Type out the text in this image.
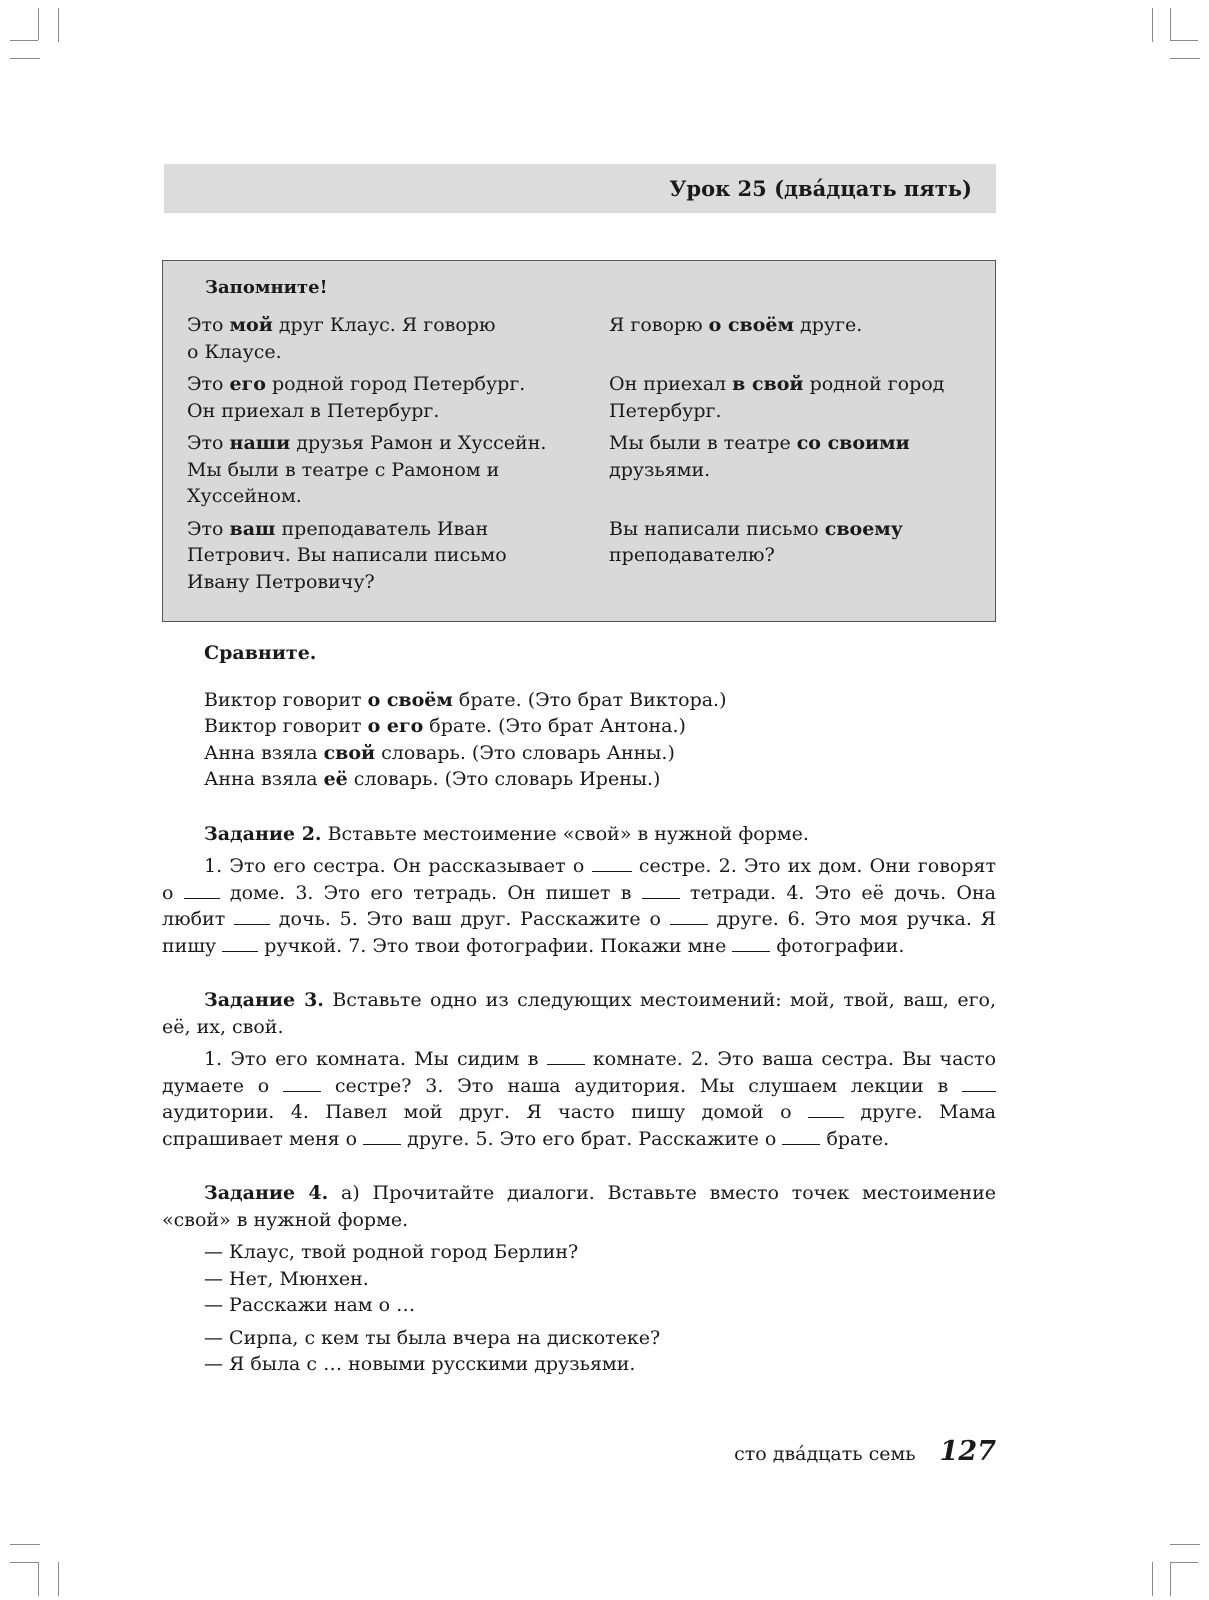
Урок 25 (два́дцать пять)
Запомните!
Это мой друг Клаус. Я говорю
о Клаусе.
Я говорю о своём друге.
Это его родной город Петербург.
Он приехал в Петербург.
Он приехал в свой родной город
Петербург.
Это наши друзья Рамон и Хуссейн.
Мы были в театре с Рамоном и
Хуссейном.
Мы были в театре со своими
друзьями.
Это ваш преподаватель Иван
Петрович. Вы написали письмо
Ивану Петровичу?
Вы написали письмо своему
преподавателю?

Сравните.

Виктор говорит о своём брате. (Это брат Виктора.)

Виктор говорит о его брате. (Это брат Антона.)

Анна взяла свой словарь. (Это словарь Анны.)

Анна взяла её словарь. (Это словарь Ирены.)

Задание 2. Вставьте местоимение «свой» в нужной форме.

1. Это его сестра. Он рассказывает о  сестре. 2. Это их дом. Они говорят о  доме. 3. Это его тетрадь. Он пишет в  тетради. 4. Это её дочь. Она любит  дочь. 5. Это ваш друг. Расскажите о  друге. 6. Это моя ручка. Я пишу  ручкой. 7. Это твои фотографии. Покажи мне  фотографии.

Задание 3. Вставьте одно из следующих местоимений: мой, твой, ваш, его, её, их, свой.

1. Это его комната. Мы сидим в  комнате. 2. Это ваша сестра. Вы часто думаете о  сестре? 3. Это наша аудитория. Мы слушаем лекции в  аудитории. 4. Павел мой друг. Я часто пишу домой о  друге. Мама спрашивает меня о  друге. 5. Это его брат. Расскажите о  брате.

Задание 4. а) Прочитайте диалоги. Вставьте вместо точек местоимение «свой» в нужной форме.

— Клаус, твой родной город Берлин?

— Нет, Мюнхен.

— Расскажи нам о …

— Сирпа, с кем ты была вчера на дискотеке?

— Я была с … новыми русскими друзьями.

сто два́дцать семь 127
